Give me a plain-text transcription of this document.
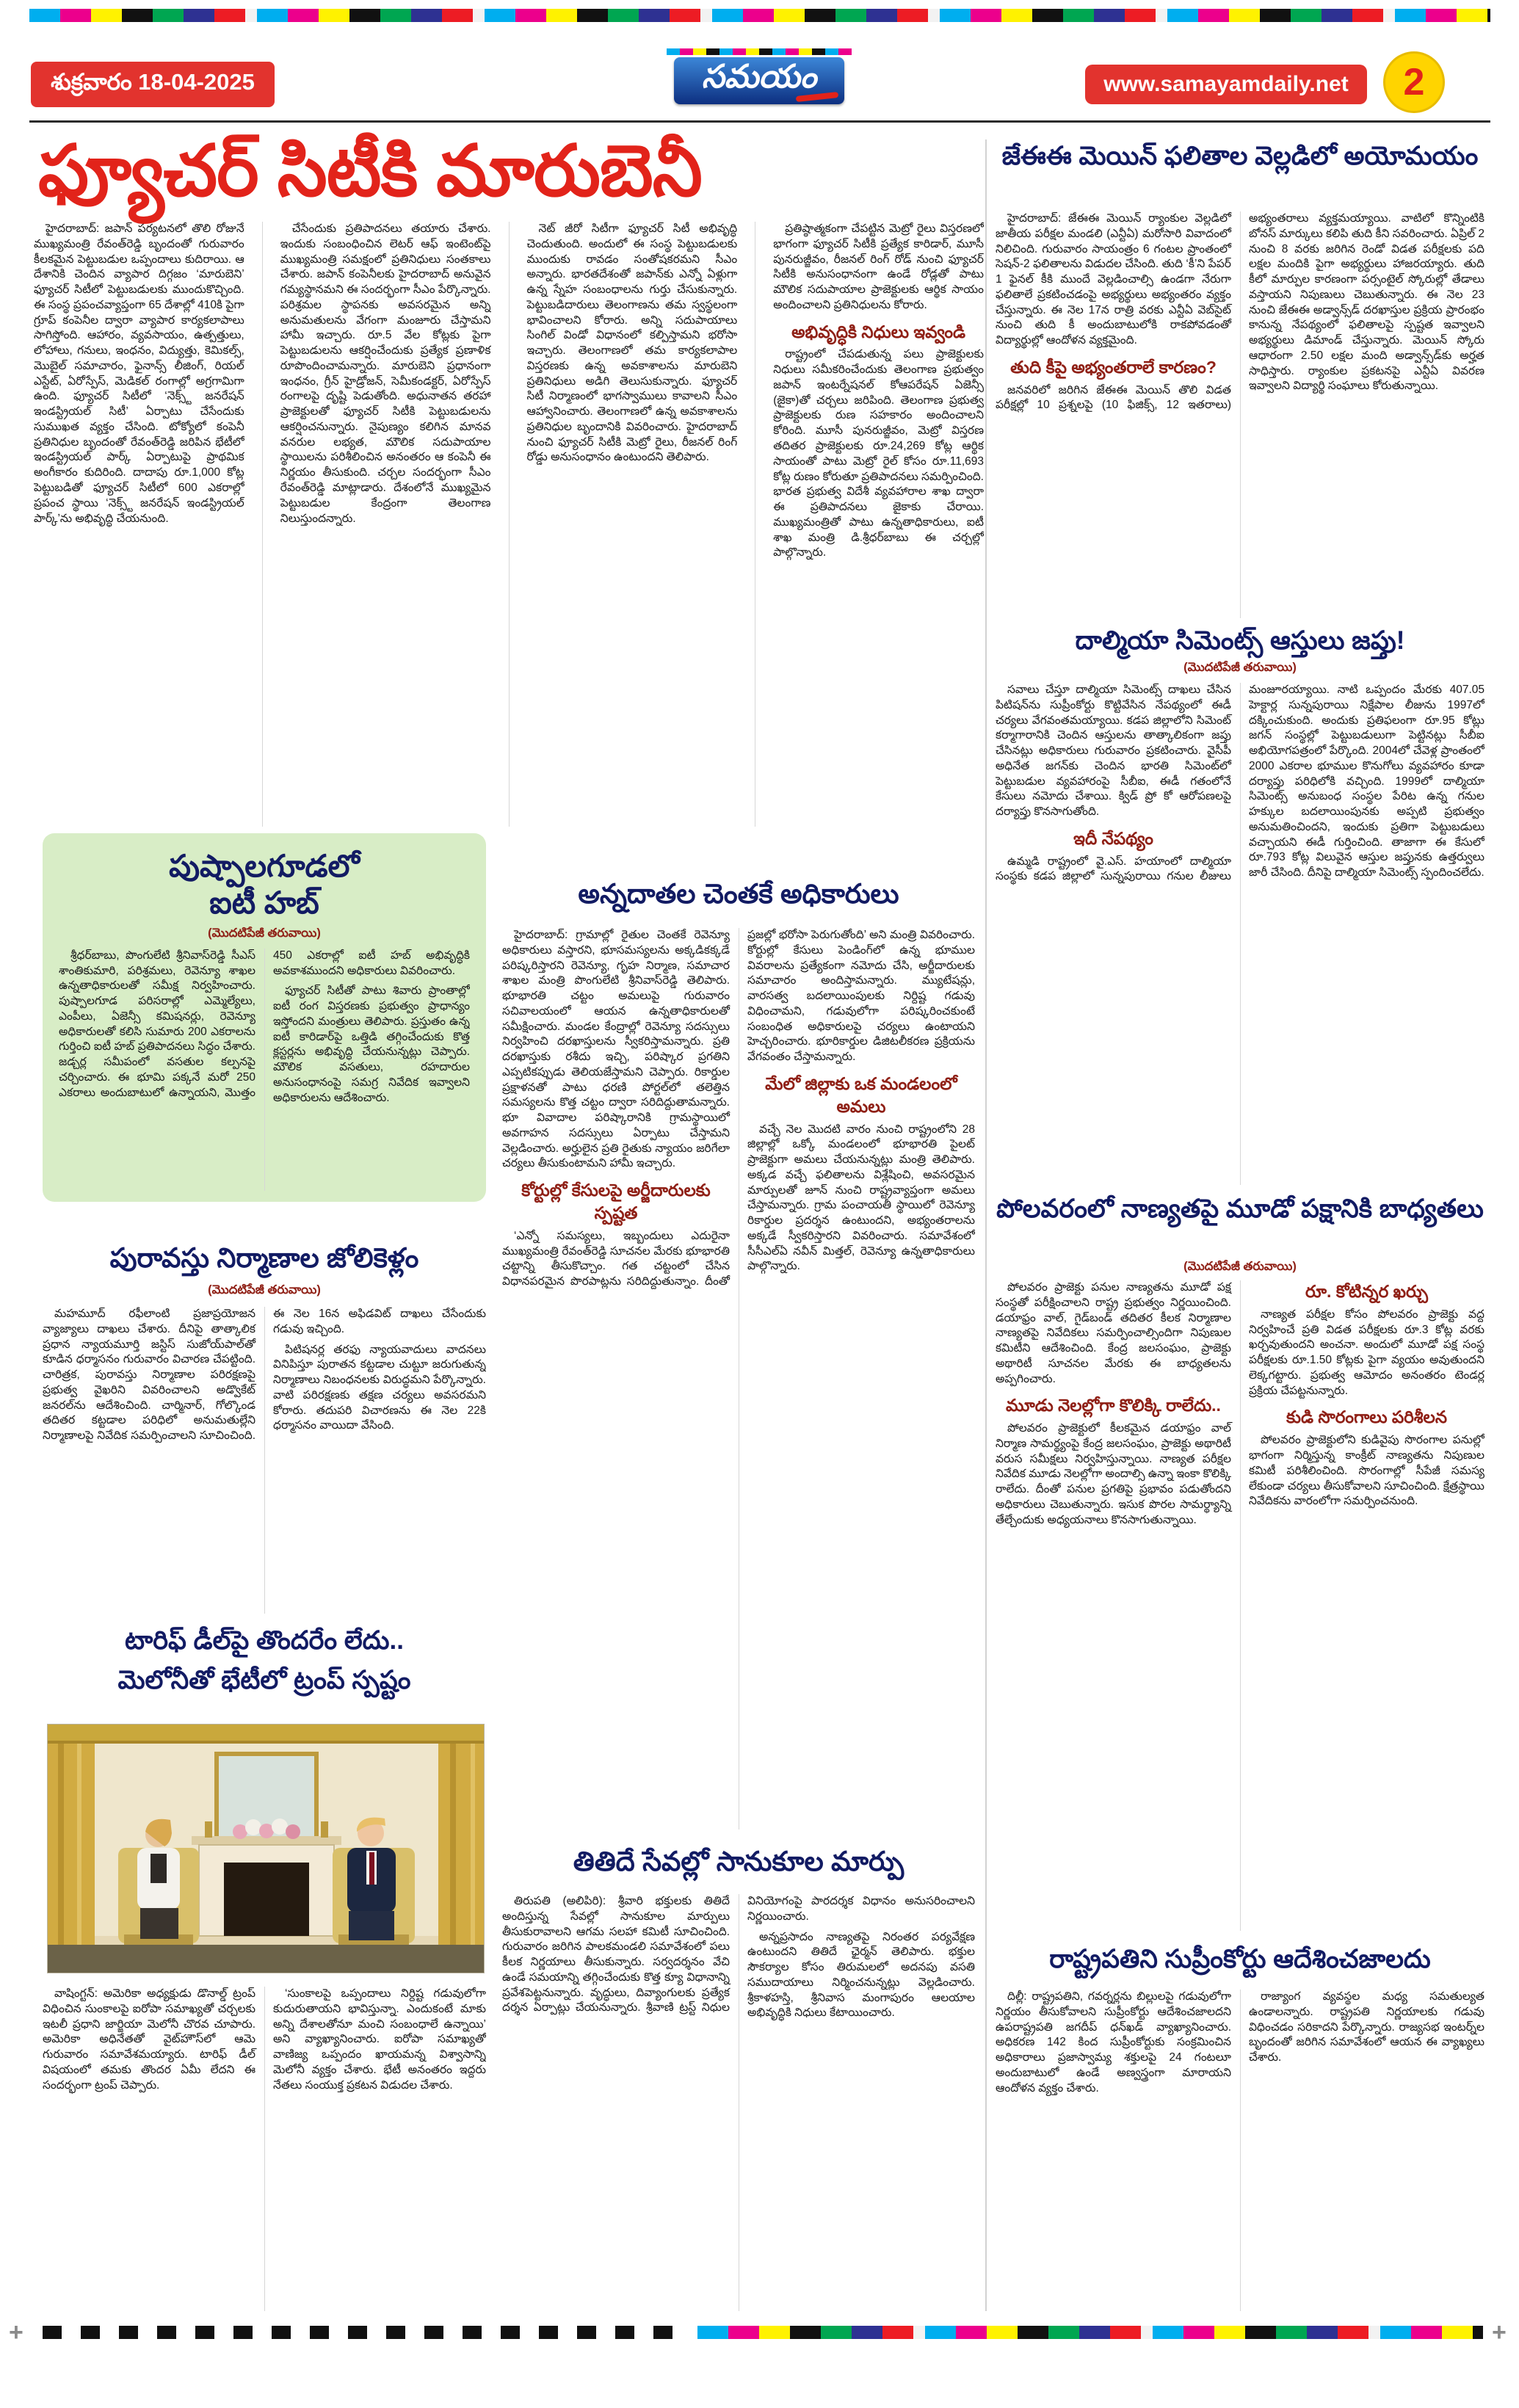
శుక్రవారం 18-04-2025	సమయం	www.samayamdaily.net 2
ఫ్యూచర్ సిటీకి మారుబెనీ

హైదరాబాద్: జపాన్ పర్యటనలో తొలి రోజునే ముఖ్యమంత్రి రేవంత్‌రెడ్డి బృందంతో గురువారం కీలకమైన పెట్టుబడుల ఒప్పందాలు కుదిరాయి. ఆ దేశానికి చెందిన వ్యాపార దిగ్గజం ‘మారుబెని’ ఫ్యూచర్ సిటీలో పెట్టుబడులకు ముందుకొచ్చింది. ఈ సంస్థ ప్రపంచవ్యాప్తంగా 65 దేశాల్లో 410కి పైగా గ్రూప్ కంపెనీల ద్వారా వ్యాపార కార్యకలాపాలు సాగిస్తోంది. ఆహారం, వ్యవసాయం, ఉత్పత్తులు, లోహాలు, గనులు, ఇంధనం, విద్యుత్తు, కెమికల్స్, మొబైల్ సమాచారం, ఫైనాన్స్ లీజింగ్, రియల్ ఎస్టేట్, ఏరోస్పేస్, మెడికల్ రంగాల్లో అగ్రగామిగా ఉంది. ఫ్యూచర్ సిటీలో ‘నెక్స్ట్ జనరేషన్ ఇండస్ట్రియల్ సిటీ’ ఏర్పాటు చేసేందుకు సుముఖత వ్యక్తం చేసింది. టోక్యోలో కంపెనీ ప్రతినిధుల బృందంతో రేవంత్‌రెడ్డి జరిపిన భేటీలో ఇండస్ట్రియల్ పార్క్ ఏర్పాటుపై ప్రాథమిక అంగీకారం కుదిరింది. దాదాపు రూ.1,000 కోట్ల పెట్టుబడితో ఫ్యూచర్ సిటీలో 600 ఎకరాల్లో ప్రపంచ స్థాయి ‘నెక్స్ట్ జనరేషన్ ఇండస్ట్రియల్ పార్క్’ను అభివృద్ధి చేయనుంది.

చేసేందుకు ప్రతిపాదనలు తయారు చేశారు. ఇందుకు సంబంధించిన లెటర్ ఆఫ్ ఇంటెంట్‌పై ముఖ్యమంత్రి సమక్షంలో ప్రతినిధులు సంతకాలు చేశారు. జపాన్ కంపెనీలకు హైదరాబాద్ అనువైన గమ్యస్థానమని ఈ సందర్భంగా సీఎం పేర్కొన్నారు. పరిశ్రమల స్థాపనకు అవసరమైన అన్ని అనుమతులను వేగంగా మంజూరు చేస్తామని హామీ ఇచ్చారు. రూ.5 వేల కోట్లకు పైగా పెట్టుబడులను ఆకర్షించేందుకు ప్రత్యేక ప్రణాళిక రూపొందించామన్నారు. మారుబెని ప్రధానంగా ఇంధనం, గ్రీన్ హైడ్రోజన్, సెమీకండక్టర్, ఏరోస్పేస్ రంగాలపై దృష్టి పెడుతోంది. అధునాతన తరహా ప్రాజెక్టులతో ఫ్యూచర్ సిటీకి పెట్టుబడులను ఆకర్షించనున్నారు. నైపుణ్యం కలిగిన మానవ వనరుల లభ్యత, మౌలిక సదుపాయాల స్థాయిలను పరిశీలించిన అనంతరం ఆ కంపెనీ ఈ నిర్ణయం తీసుకుంది. చర్చల సందర్భంగా సీఎం రేవంత్‌రెడ్డి మాట్లాడారు. దేశంలోనే ముఖ్యమైన పెట్టుబడుల కేంద్రంగా తెలంగాణ నిలుస్తుందన్నారు.

నెట్ జీరో సిటీగా ఫ్యూచర్ సిటీ అభివృద్ధి చెందుతుంది. అందులో ఈ సంస్థ పెట్టుబడులకు ముందుకు రావడం సంతోషకరమని సీఎం అన్నారు. భారతదేశంతో జపాన్‌కు ఎన్నో ఏళ్లుగా ఉన్న స్నేహ సంబంధాలను గుర్తు చేసుకున్నారు. పెట్టుబడిదారులు తెలంగాణను తమ స్వస్థలంగా భావించాలని కోరారు. అన్ని సదుపాయాలు సింగిల్ విండో విధానంలో కల్పిస్తామని భరోసా ఇచ్చారు. తెలంగాణలో తమ కార్యకలాపాల విస్తరణకు ఉన్న అవకాశాలను మారుబెని ప్రతినిధులు అడిగి తెలుసుకున్నారు. ఫ్యూచర్ సిటీ నిర్మాణంలో భాగస్వాములు కావాలని సీఎం ఆహ్వానించారు. తెలంగాణలో ఉన్న అవకాశాలను ప్రతినిధుల బృందానికి వివరించారు. హైదరాబాద్ నుంచి ఫ్యూచర్ సిటీకి మెట్రో రైలు, రీజనల్ రింగ్ రోడ్డు అనుసంధానం ఉంటుందని తెలిపారు.

ప్రతిష్ఠాత్మకంగా చేపట్టిన మెట్రో రైలు విస్తరణలో భాగంగా ఫ్యూచర్ సిటీకి ప్రత్యేక కారిడార్, మూసీ పునరుజ్జీవం, రీజనల్ రింగ్ రోడ్ నుంచి ఫ్యూచర్ సిటీకి అనుసంధానంగా ఉండే రోడ్లతో పాటు మౌలిక సదుపాయాల ప్రాజెక్టులకు ఆర్థిక సాయం అందించాలని ప్రతినిధులను కోరారు.

అభివృద్ధికి నిధులు ఇవ్వండి

రాష్ట్రంలో చేపడుతున్న పలు ప్రాజెక్టులకు నిధులు సమీకరించేందుకు తెలంగాణ ప్రభుత్వం జపాన్ ఇంటర్నేషనల్ కోఆపరేషన్ ఏజెన్సీ (జైకా)తో చర్చలు జరిపింది. తెలంగాణ ప్రభుత్వ ప్రాజెక్టులకు రుణ సహకారం అందించాలని కోరింది. మూసీ పునరుజ్జీవం, మెట్రో విస్తరణ తదితర ప్రాజెక్టులకు రూ.24,269 కోట్ల ఆర్థిక సాయంతో పాటు మెట్రో రైల్ కోసం రూ.11,693 కోట్ల రుణం కోరుతూ ప్రతిపాదనలు సమర్పించింది. భారత ప్రభుత్వ విదేశీ వ్యవహారాల శాఖ ద్వారా ఈ ప్రతిపాదనలు జైకాకు చేరాయి. ముఖ్యమంత్రితో పాటు ఉన్నతాధికారులు, ఐటీ శాఖ మంత్రి డి.శ్రీధర్‌బాబు ఈ చర్చల్లో పాల్గొన్నారు.

పుష్పాలగూడలో
ఐటీ హబ్
(మొదటిపేజీ తరువాయి)

శ్రీధర్‌బాబు, పొంగులేటి శ్రీనివాస్‌రెడ్డి సీఎస్ శాంతికుమారి, పరిశ్రమలు, రెవెన్యూ శాఖల ఉన్నతాధికారులతో సమీక్ష నిర్వహించారు. పుష్పాలగూడ పరిసరాల్లో ఎమ్మెల్యేలు, ఎంపీలు, ఏజెన్సీ కమిషనర్లు, రెవెన్యూ అధికారులతో కలిసి సుమారు 200 ఎకరాలను గుర్తించి ఐటీ హబ్ ప్రతిపాదనలు సిద్ధం చేశారు. జడ్చర్ల సమీపంలో వసతుల కల్పనపై చర్చించారు. ఈ భూమి పక్కనే మరో 250 ఎకరాలు అందుబాటులో ఉన్నాయని, మొత్తం 450 ఎకరాల్లో ఐటీ హబ్ అభివృద్ధికి అవకాశముందని అధికారులు వివరించారు.

ఫ్యూచర్ సిటీతో పాటు శివారు ప్రాంతాల్లో ఐటీ రంగ విస్తరణకు ప్రభుత్వం ప్రాధాన్యం ఇస్తోందని మంత్రులు తెలిపారు. ప్రస్తుతం ఉన్న ఐటీ కారిడార్‌పై ఒత్తిడి తగ్గించేందుకు కొత్త క్లస్టర్లను అభివృద్ధి చేయనున్నట్లు చెప్పారు. మౌలిక వసతులు, రహదారుల అనుసంధానంపై సమగ్ర నివేదిక ఇవ్వాలని అధికారులను ఆదేశించారు.

పురావస్తు నిర్మాణాల జోలికెళ్లం
(మొదటిపేజీ తరువాయి)

మహమూద్ రఫీలాంటి ప్రజాప్రయోజన వ్యాజ్యాలు దాఖలు చేశారు. దీనిపై తాత్కాలిక ప్రధాన న్యాయమూర్తి జస్టిస్ సుజోయ్‌పాల్‌తో కూడిన ధర్మాసనం గురువారం విచారణ చేపట్టింది. చారిత్రక, పురావస్తు నిర్మాణాల పరిరక్షణపై ప్రభుత్వ వైఖరిని వివరించాలని అడ్వొకేట్ జనరల్‌ను ఆదేశించింది. చార్మినార్, గోల్కొండ తదితర కట్టడాల పరిధిలో అనుమతుల్లేని నిర్మాణాలపై నివేదిక సమర్పించాలని సూచించింది. ఈ నెల 16న అఫిడవిట్ దాఖలు చేసేందుకు గడువు ఇచ్చింది.

పిటిషనర్ల తరఫు న్యాయవాదులు వాదనలు వినిపిస్తూ పురాతన కట్టడాల చుట్టూ జరుగుతున్న నిర్మాణాలు నిబంధనలకు విరుద్ధమని పేర్కొన్నారు. వాటి పరిరక్షణకు తక్షణ చర్యలు అవసరమని కోరారు. తదుపరి విచారణను ఈ నెల 22కి ధర్మాసనం వాయిదా వేసింది.

టారిఫ్ డీల్‌పై తొందరేం లేదు..
మెలోనీతో భేటీలో ట్రంప్ స్పష్టం

వాషింగ్టన్: అమెరికా అధ్యక్షుడు డొనాల్డ్ ట్రంప్ విధించిన సుంకాలపై ఐరోపా సమాఖ్యతో చర్చలకు ఇటలీ ప్రధాని జార్జియా మెలోనీ చొరవ చూపారు. అమెరికా అధినేతతో వైట్‌హౌస్‌లో ఆమె గురువారం సమావేశమయ్యారు. టారిఫ్ డీల్ విషయంలో తమకు తొందర ఏమీ లేదని ఈ సందర్భంగా ట్రంప్ చెప్పారు.

‘సుంకాలపై ఒప్పందాలు నిర్దిష్ట గడువులోగా కుదురుతాయని భావిస్తున్నా. ఎందుకంటే మాకు అన్ని దేశాలతోనూ మంచి సంబంధాలే ఉన్నాయి’ అని వ్యాఖ్యానించారు. ఐరోపా సమాఖ్యతో వాణిజ్య ఒప్పందం ఖాయమన్న విశ్వాసాన్ని మెలోనీ వ్యక్తం చేశారు. భేటీ అనంతరం ఇద్దరు నేతలు సంయుక్త ప్రకటన విడుదల చేశారు.

అన్నదాతల చెంతకే అధికారులు

హైదరాబాద్: గ్రామాల్లో రైతుల చెంతకే రెవెన్యూ అధికారులు వస్తారని, భూసమస్యలను అక్కడికక్కడే పరిష్కరిస్తారని రెవెన్యూ, గృహ నిర్మాణ, సమాచార శాఖల మంత్రి పొంగులేటి శ్రీనివాస్‌రెడ్డి తెలిపారు. భూభారతి చట్టం అమలుపై గురువారం సచివాలయంలో ఆయన ఉన్నతాధికారులతో సమీక్షించారు. మండల కేంద్రాల్లో రెవెన్యూ సదస్సులు నిర్వహించి దరఖాస్తులను స్వీకరిస్తామన్నారు. ప్రతి దరఖాస్తుకు రశీదు ఇచ్చి, పరిష్కార ప్రగతిని ఎప్పటికప్పుడు తెలియజేస్తామని చెప్పారు. రికార్డుల ప్రక్షాళనతో పాటు ధరణి పోర్టల్‌లో తలెత్తిన సమస్యలను కొత్త చట్టం ద్వారా సరిదిద్దుతామన్నారు. భూ వివాదాల పరిష్కారానికి గ్రామస్థాయిలో అవగాహన సదస్సులు ఏర్పాటు చేస్తామని వెల్లడించారు. అర్హులైన ప్రతి రైతుకు న్యాయం జరిగేలా చర్యలు తీసుకుంటామని హామీ ఇచ్చారు.

కోర్టుల్లో కేసులపై అర్జీదారులకు స్పష్టత

‘ఎన్నో సమస్యలు, ఇబ్బందులు ఎదురైనా ముఖ్యమంత్రి రేవంత్‌రెడ్డి సూచనల మేరకు భూభారతి చట్టాన్ని తీసుకొచ్చాం. గత చట్టంలో చేసిన విధానపరమైన పొరపాట్లను సరిదిద్దుతున్నాం. దీంతో ప్రజల్లో భరోసా పెరుగుతోంది’ అని మంత్రి వివరించారు. కోర్టుల్లో కేసులు పెండింగ్‌లో ఉన్న భూముల వివరాలను ప్రత్యేకంగా నమోదు చేసి, అర్జీదారులకు సమాచారం అందిస్తామన్నారు. మ్యుటేషన్లు, వారసత్వ బదలాయింపులకు నిర్దిష్ట గడువు విధించామని, గడువులోగా పరిష్కరించకుంటే సంబంధిత అధికారులపై చర్యలు ఉంటాయని హెచ్చరించారు. భూరికార్డుల డిజిటలీకరణ ప్రక్రియను వేగవంతం చేస్తామన్నారు.

మేలో జిల్లాకు ఒక మండలంలో అమలు

వచ్చే నెల మొదటి వారం నుంచి రాష్ట్రంలోని 28 జిల్లాల్లో ఒక్కో మండలంలో భూభారతి పైలట్ ప్రాజెక్టుగా అమలు చేయనున్నట్లు మంత్రి తెలిపారు. అక్కడ వచ్చే ఫలితాలను విశ్లేషించి, అవసరమైన మార్పులతో జూన్ నుంచి రాష్ట్రవ్యాప్తంగా అమలు చేస్తామన్నారు. గ్రామ పంచాయతీ స్థాయిలో రెవెన్యూ రికార్డుల ప్రదర్శన ఉంటుందని, అభ్యంతరాలను అక్కడే స్వీకరిస్తారని వివరించారు. సమావేశంలో సీసీఎల్ఏ నవీన్ మిత్తల్, రెవెన్యూ ఉన్నతాధికారులు పాల్గొన్నారు.

తితిదే సేవల్లో సానుకూల మార్పు

తిరుపతి (అలిపిరి): శ్రీవారి భక్తులకు తితిదే అందిస్తున్న సేవల్లో సానుకూల మార్పులు తీసుకురావాలని ఆగమ సలహా కమిటీ సూచించింది. గురువారం జరిగిన పాలకమండలి సమావేశంలో పలు కీలక నిర్ణయాలు తీసుకున్నారు. సర్వదర్శనం వేచి ఉండే సమయాన్ని తగ్గించేందుకు కొత్త క్యూ విధానాన్ని ప్రవేశపెట్టనున్నారు. వృద్ధులు, దివ్యాంగులకు ప్రత్యేక దర్శన ఏర్పాట్లు చేయనున్నారు. శ్రీవాణి ట్రస్ట్ నిధుల వినియోగంపై పారదర్శక విధానం అనుసరించాలని నిర్ణయించారు.

అన్నప్రసాదం నాణ్యతపై నిరంతర పర్యవేక్షణ ఉంటుందని తితిదే ఛైర్మన్ తెలిపారు. భక్తుల సౌకర్యాల కోసం తిరుమలలో అదనపు వసతి సముదాయాలు నిర్మించనున్నట్లు వెల్లడించారు. శ్రీకాళహస్తి, శ్రీనివాస మంగాపురం ఆలయాల అభివృద్ధికి నిధులు కేటాయించారు.

జేఈఈ మెయిన్ ఫలితాల వెల్లడిలో అయోమయం

హైదరాబాద్: జేఈఈ మెయిన్ ర్యాంకుల వెల్లడిలో జాతీయ పరీక్షల మండలి (ఎన్టీఏ) మరోసారి వివాదంలో నిలిచింది. గురువారం సాయంత్రం 6 గంటల ప్రాంతంలో సెషన్-2 ఫలితాలను విడుదల చేసింది. తుది ‘కీ’ని పేపర్ 1 ఫైనల్ కీకి ముందే వెల్లడించాల్సి ఉండగా నేరుగా ఫలితాలే ప్రకటించడంపై అభ్యర్థులు అభ్యంతరం వ్యక్తం చేస్తున్నారు. ఈ నెల 17న రాత్రి వరకు ఎన్టీఏ వెబ్‌సైట్ నుంచి తుది కీ అందుబాటులోకి రాకపోవడంతో విద్యార్థుల్లో ఆందోళన వ్యక్తమైంది.

తుది కీపై అభ్యంతరాలే కారణం?

జనవరిలో జరిగిన జేఈఈ మెయిన్ తొలి విడత పరీక్షల్లో 10 ప్రశ్నలపై (10 ఫిజిక్స్, 12 ఇతరాలు) అభ్యంతరాలు వ్యక్తమయ్యాయి. వాటిలో కొన్నింటికి బోనస్ మార్కులు కలిపి తుది కీని సవరించారు. ఏప్రిల్ 2 నుంచి 8 వరకు జరిగిన రెండో విడత పరీక్షలకు పది లక్షల మందికి పైగా అభ్యర్థులు హాజరయ్యారు. తుది కీలో మార్పుల కారణంగా పర్సంటైల్ స్కోరుల్లో తేడాలు వస్తాయని నిపుణులు చెబుతున్నారు. ఈ నెల 23 నుంచి జేఈఈ అడ్వాన్స్‌డ్ దరఖాస్తుల ప్రక్రియ ప్రారంభం కానున్న నేపథ్యంలో ఫలితాలపై స్పష్టత ఇవ్వాలని అభ్యర్థులు డిమాండ్ చేస్తున్నారు. మెయిన్ స్కోరు ఆధారంగా 2.50 లక్షల మంది అడ్వాన్స్‌డ్‌కు అర్హత సాధిస్తారు. ర్యాంకుల ప్రకటనపై ఎన్టీఏ వివరణ ఇవ్వాలని విద్యార్థి సంఘాలు కోరుతున్నాయి.

దాల్మియా సిమెంట్స్ ఆస్తులు జప్తు!
(మొదటిపేజీ తరువాయి)

సవాలు చేస్తూ దాల్మియా సిమెంట్స్ దాఖలు చేసిన పిటిషన్‌ను సుప్రీంకోర్టు కొట్టివేసిన నేపథ్యంలో ఈడీ చర్యలు వేగవంతమయ్యాయి. కడప జిల్లాలోని సిమెంట్ కర్మాగారానికి చెందిన ఆస్తులను తాత్కాలికంగా జప్తు చేసినట్లు అధికారులు గురువారం ప్రకటించారు. వైసీపీ అధినేత జగన్‌కు చెందిన భారతి సిమెంట్‌లో పెట్టుబడుల వ్యవహారంపై సీబీఐ, ఈడీ గతంలోనే కేసులు నమోదు చేశాయి. క్విడ్ ప్రో కో ఆరోపణలపై దర్యాప్తు కొనసాగుతోంది.

ఇదీ నేపథ్యం

ఉమ్మడి రాష్ట్రంలో వై.ఎస్. హయాంలో దాల్మియా సంస్థకు కడప జిల్లాలో సున్నపురాయి గనుల లీజులు మంజూరయ్యాయి. నాటి ఒప్పందం మేరకు 407.05 హెక్టార్ల సున్నపురాయి నిక్షేపాల లీజును 1997లో దక్కించుకుంది. అందుకు ప్రతిఫలంగా రూ.95 కోట్లు జగన్ సంస్థల్లో పెట్టుబడులుగా పెట్టినట్లు సీబీఐ అభియోగపత్రంలో పేర్కొంది. 2004లో చేవెళ్ల ప్రాంతంలో 2000 ఎకరాల భూముల కొనుగోలు వ్యవహారం కూడా దర్యాప్తు పరిధిలోకి వచ్చింది. 1999లో దాల్మియా సిమెంట్స్ అనుబంధ సంస్థల పేరిట ఉన్న గనుల హక్కుల బదలాయింపునకు అప్పటి ప్రభుత్వం అనుమతించిందని, ఇందుకు ప్రతిగా పెట్టుబడులు వచ్చాయని ఈడీ గుర్తించింది. తాజాగా ఈ కేసులో రూ.793 కోట్ల విలువైన ఆస్తుల జప్తునకు ఉత్తర్వులు జారీ చేసింది. దీనిపై దాల్మియా సిమెంట్స్ స్పందించలేదు.

పోలవరంలో నాణ్యతపై మూడో పక్షానికి బాధ్యతలు
(మొదటిపేజీ తరువాయి)

పోలవరం ప్రాజెక్టు పనుల నాణ్యతను మూడో పక్ష సంస్థతో పరీక్షించాలని రాష్ట్ర ప్రభుత్వం నిర్ణయించింది. డయాఫ్రం వాల్, గైడ్‌బండ్ తదితర కీలక నిర్మాణాల నాణ్యతపై నివేదికలు సమర్పించాల్సిందిగా నిపుణుల కమిటీని ఆదేశించింది. కేంద్ర జలసంఘం, ప్రాజెక్టు అథారిటీ సూచనల మేరకు ఈ బాధ్యతలను అప్పగించారు.

మూడు నెలల్లోగా కొలిక్కి రాలేదు..

పోలవరం ప్రాజెక్టులో కీలకమైన డయాఫ్రం వాల్ నిర్మాణ సామర్థ్యంపై కేంద్ర జలసంఘం, ప్రాజెక్టు అథారిటీ వరుస సమీక్షలు నిర్వహిస్తున్నాయి. నాణ్యత పరీక్షల నివేదిక మూడు నెలల్లోగా అందాల్సి ఉన్నా ఇంకా కొలిక్కి రాలేదు. దీంతో పనుల ప్రగతిపై ప్రభావం పడుతోందని అధికారులు చెబుతున్నారు. ఇసుక పొరల సామర్థ్యాన్ని తేల్చేందుకు అధ్యయనాలు కొనసాగుతున్నాయి.

రూ. కోటిన్నర ఖర్చు

నాణ్యత పరీక్షల కోసం పోలవరం ప్రాజెక్టు వద్ద నిర్వహించే ప్రతి విడత పరీక్షలకు రూ.3 కోట్ల వరకు ఖర్చవుతుందని అంచనా. అందులో మూడో పక్ష సంస్థ పరీక్షలకు రూ.1.50 కోట్లకు పైగా వ్యయం అవుతుందని లెక్కగట్టారు. ప్రభుత్వ ఆమోదం అనంతరం టెండర్ల ప్రక్రియ చేపట్టనున్నారు.

కుడి సొరంగాలు పరిశీలన

పోలవరం ప్రాజెక్టులోని కుడివైపు సొరంగాల పనుల్లో భాగంగా నిర్మిస్తున్న కాంక్రీట్ నాణ్యతను నిపుణుల కమిటీ పరిశీలించింది. సొరంగాల్లో సీపేజీ సమస్య లేకుండా చర్యలు తీసుకోవాలని సూచించింది. క్షేత్రస్థాయి నివేదికను వారంలోగా సమర్పించనుంది.

రాష్ట్రపతిని సుప్రీంకోర్టు ఆదేశించజాలదు

దిల్లీ: రాష్ట్రపతిని, గవర్నర్లను బిల్లులపై గడువులోగా నిర్ణయం తీసుకోవాలని సుప్రీంకోర్టు ఆదేశించజాలదని ఉపరాష్ట్రపతి జగదీప్ ధన్‌ఖడ్ వ్యాఖ్యానించారు. అధికరణ 142 కింద సుప్రీంకోర్టుకు సంక్రమించిన అధికారాలు ప్రజాస్వామ్య శక్తులపై 24 గంటలూ అందుబాటులో ఉండే అణ్వస్త్రంగా మారాయని ఆందోళన వ్యక్తం చేశారు.

రాజ్యాంగ వ్యవస్థల మధ్య సమతుల్యత ఉండాలన్నారు. రాష్ట్రపతి నిర్ణయాలకు గడువు విధించడం సరికాదని పేర్కొన్నారు. రాజ్యసభ ఇంటర్న్‌ల బృందంతో జరిగిన సమావేశంలో ఆయన ఈ వ్యాఖ్యలు చేశారు.

+	+
